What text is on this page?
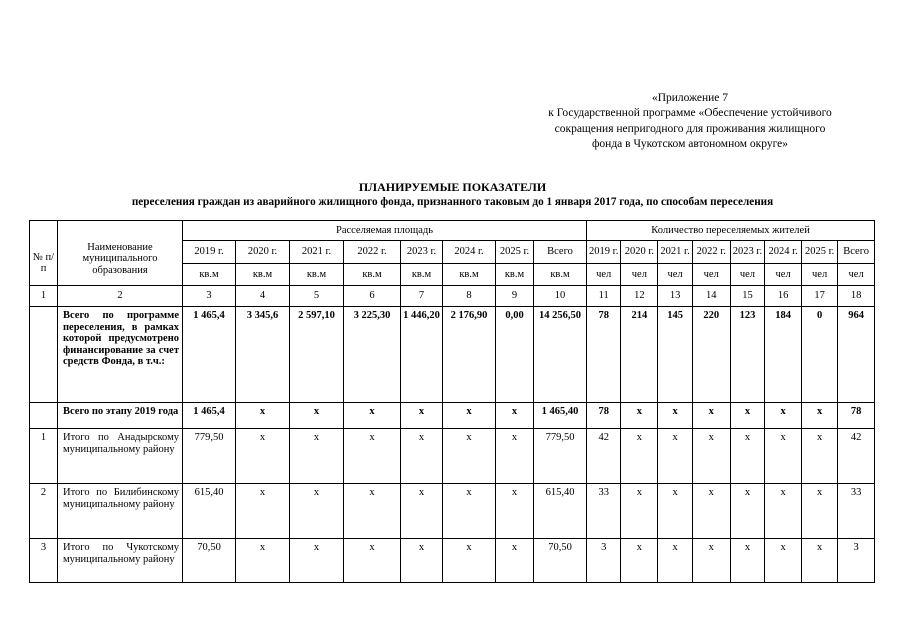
«Приложение 7
к Государственной программе «Обеспечение устойчивого
сокращения непригодного для проживания жилищного
фонда в Чукотском автономном округе»
ПЛАНИРУЕМЫЕ ПОКАЗАТЕЛИ
переселения граждан из аварийного жилищного фонда, признанного таковым до 1 января 2017 года, по способам переселения
№ п/п	Наименование муниципального образования	Расселяемая площадь								Количество переселяемых жителей							
		2019 г.	2020 г.	2021 г.	2022 г.	2023 г.	2024 г.	2025 г.	Всего	2019 г.	2020 г.	2021 г.	2022 г.	2023 г.	2024 г.	2025 г.	Всего
		кв.м	кв.м	кв.м	кв.м	кв.м	кв.м	кв.м	кв.м	чел	чел	чел	чел	чел	чел	чел	чел
1	2	3	4	5	6	7	8	9	10	11	12	13	14	15	16	17	18
	Всего по программе переселения, в рамках которой предусмотрено финансирование за счет средств Фонда, в т.ч.:	1 465,4	3 345,6	2 597,10	3 225,30	1 446,20	2 176,90	0,00	14 256,50	78	214	145	220	123	184	0	964
	Всего по этапу 2019 года	1 465,4	х	х	х	х	х	х	1 465,40	78	х	х	х	х	х	х	78
1	Итого по Анадырскому муниципальному району	779,50	х	х	х	х	х	х	779,50	42	х	х	х	х	х	х	42
2	Итого по Билибинскому муниципальному району	615,40	х	х	х	х	х	х	615,40	33	х	х	х	х	х	х	33
3	Итого по Чукотскому муниципальному району	70,50	х	х	х	х	х	х	70,50	3	х	х	х	х	х	х	3
